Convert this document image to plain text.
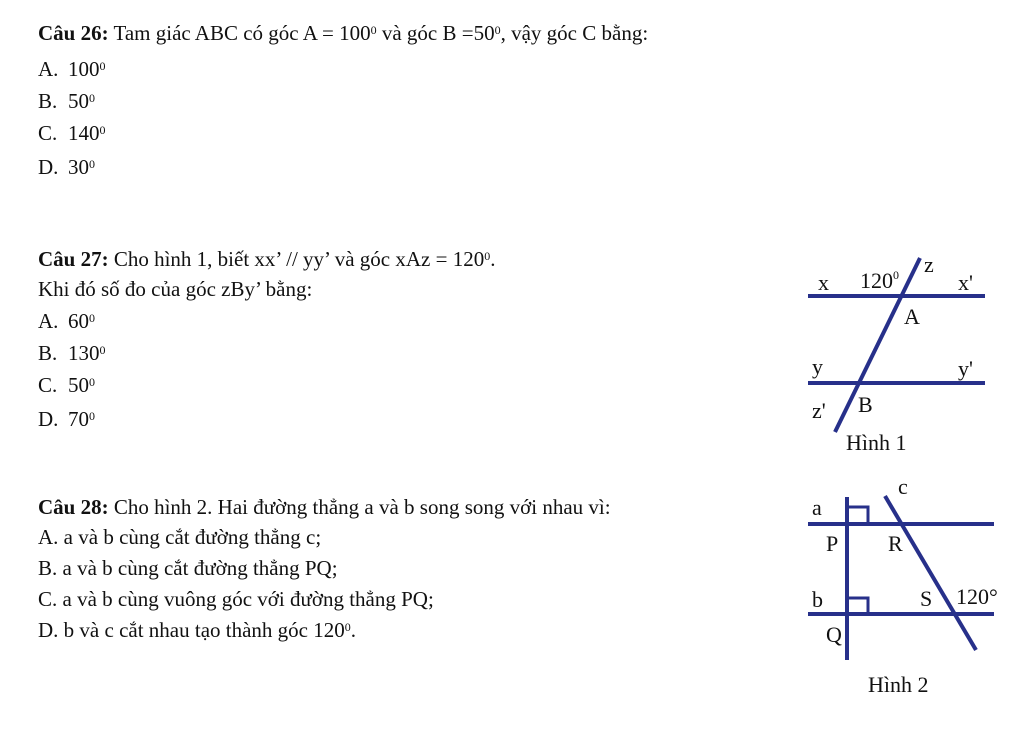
Câu 26: Tam giác ABC có góc $A = 100^0$ và góc $B =50^0$, vậy góc C bằng:
A. $100^0$
B. $50^0$
C. $140^0$
D. $30^0$
Câu 27: Cho hình 1, biết xx’ // yy’ và góc xAz = $120^0$.
Khi đó số đo của góc zBy’ bằng:
A. $60^0$
B. $130^0$
C. $50^0$
D. $70^0$
Câu 28: Cho hình 2. Hai đường thẳng a và b song song với nhau vì:
A. a và b cùng cắt đường thẳng c;
B. a và b cùng cắt đường thẳng PQ;
C. a và b cùng vuông góc với đường thẳng PQ;
D. b và c cắt nhau tạo thành góc $120^0$.
x $120^0$ z
x'
A
y	y'
z' B
Hình 1
c
a
P R
b	S 120°
Q
Hình 2
